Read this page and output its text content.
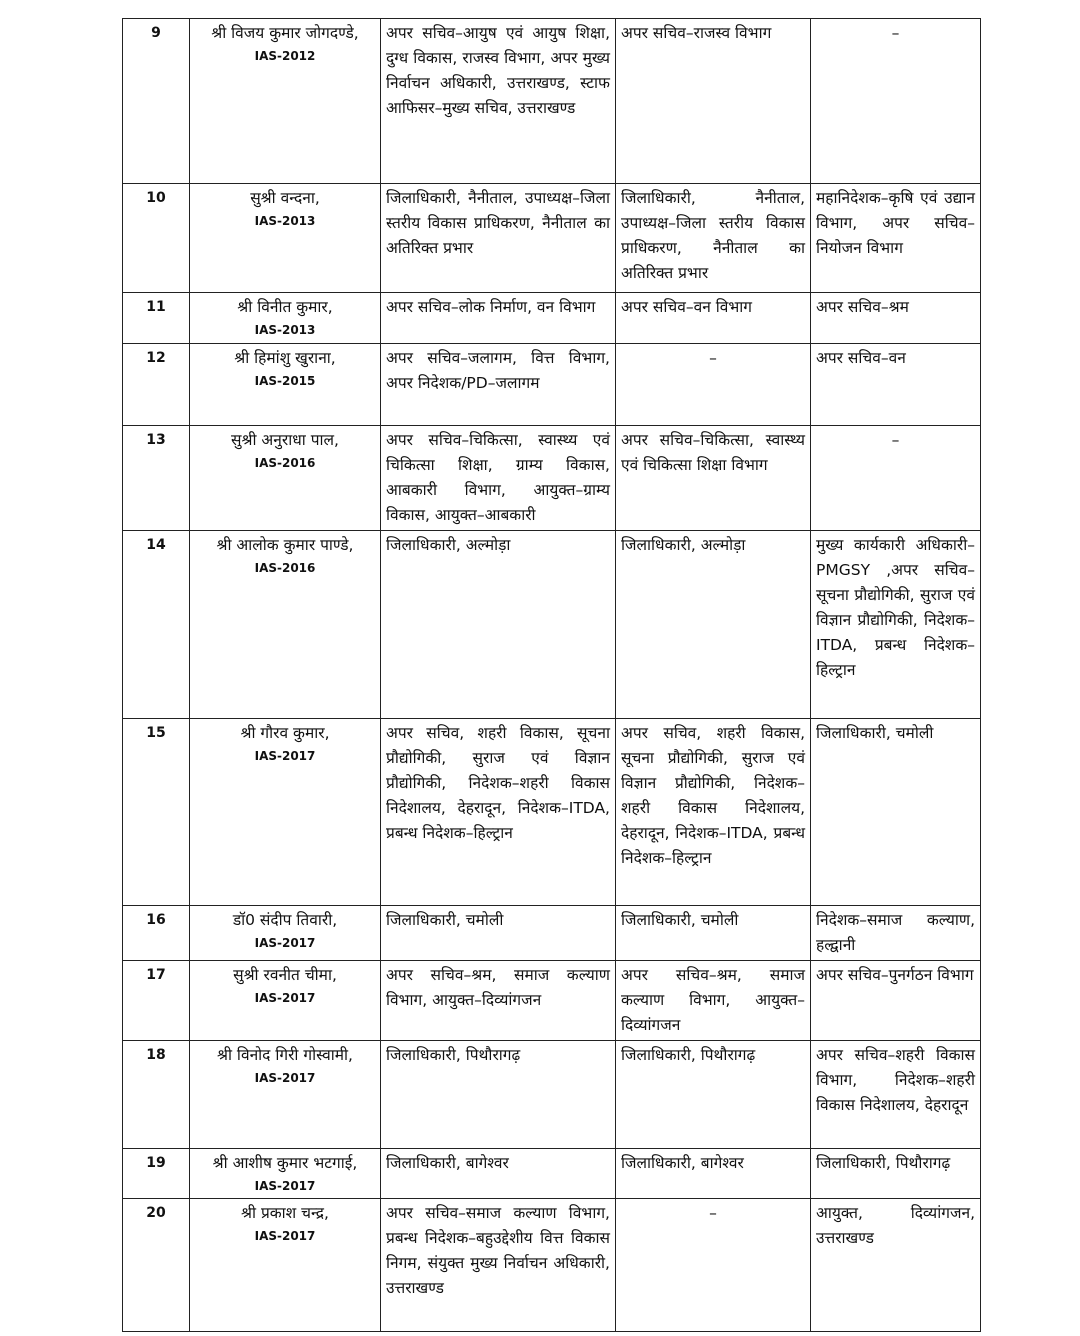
9	श्री विजय कुमार जोगदण्डे,
IAS-2012	अपर सचिव–आयुष एवं आयुष शिक्षा, दुग्ध विकास, राजस्व विभाग, अपर मुख्य निर्वाचन अधिकारी, उत्तराखण्ड, स्टाफ आफिसर–मुख्य सचिव, उत्तराखण्ड	अपर सचिव–राजस्व विभाग	–
10	सुश्री वन्दना,
IAS-2013	जिलाधिकारी, नैनीताल, उपाध्यक्ष–जिला स्तरीय विकास प्राधिकरण, नैनीताल का अतिरिक्त प्रभार	जिलाधिकारी, नैनीताल, उपाध्यक्ष–जिला स्तरीय विकास प्राधिकरण, नैनीताल का अतिरिक्त प्रभार	महानिदेशक–कृषि एवं उद्यान विभाग, अपर सचिव–नियोजन विभाग
11	श्री विनीत कुमार,
IAS-2013	अपर सचिव–लोक निर्माण, वन विभाग	अपर सचिव–वन विभाग	अपर सचिव–श्रम
12	श्री हिमांशु खुराना,
IAS-2015	अपर सचिव–जलागम, वित्त विभाग, अपर निदेशक/PD–जलागम	–	अपर सचिव–वन
13	सुश्री अनुराधा पाल,
IAS-2016	अपर सचिव–चिकित्सा, स्वास्थ्य एवं चिकित्सा शिक्षा, ग्राम्य विकास, आबकारी विभाग, आयुक्त–ग्राम्य विकास, आयुक्त–आबकारी	अपर सचिव–चिकित्सा, स्वास्थ्य एवं चिकित्सा शिक्षा विभाग	–
14	श्री आलोक कुमार पाण्डे,
IAS-2016	जिलाधिकारी, अल्मोड़ा	जिलाधिकारी, अल्मोड़ा	मुख्य कार्यकारी अधिकारी–PMGSY ,अपर सचिव–सूचना प्रौद्योगिकी, सुराज एवं विज्ञान प्रौद्योगिकी, निदेशक–ITDA, प्रबन्ध निदेशक– हिल्ट्रान
15	श्री गौरव कुमार,
IAS-2017	अपर सचिव, शहरी विकास, सूचना प्रौद्योगिकी, सुराज एवं विज्ञान प्रौद्योगिकी, निदेशक–शहरी विकास निदेशालय, देहरादून, निदेशक–ITDA, प्रबन्ध निदेशक–हिल्ट्रान	अपर सचिव, शहरी विकास, सूचना प्रौद्योगिकी, सुराज एवं विज्ञान प्रौद्योगिकी, निदेशक–शहरी विकास निदेशालय, देहरादून, निदेशक–ITDA, प्रबन्ध निदेशक–हिल्ट्रान	जिलाधिकारी, चमोली
16	डॉ0 संदीप तिवारी,
IAS-2017	जिलाधिकारी, चमोली	जिलाधिकारी, चमोली	निदेशक–समाज कल्याण, हल्द्वानी
17	सुश्री रवनीत चीमा,
IAS-2017	अपर सचिव–श्रम, समाज कल्याण विभाग, आयुक्त–दिव्यांगजन	अपर सचिव–श्रम, समाज कल्याण विभाग, आयुक्त–दिव्यांगजन	अपर सचिव–पुनर्गठन विभाग
18	श्री विनोद गिरी गोस्वामी,
IAS-2017	जिलाधिकारी, पिथौरागढ़	जिलाधिकारी, पिथौरागढ़	अपर सचिव–शहरी विकास विभाग, निदेशक–शहरी विकास निदेशालय, देहरादून
19	श्री आशीष कुमार भटगाई,
IAS-2017	जिलाधिकारी, बागेश्वर	जिलाधिकारी, बागेश्वर	जिलाधिकारी, पिथौरागढ़
20	श्री प्रकाश चन्द्र,
IAS-2017	अपर सचिव–समाज कल्याण विभाग, प्रबन्ध निदेशक–बहुउद्देशीय वित्त विकास निगम, संयुक्त मुख्य निर्वाचन अधिकारी, उत्तराखण्ड	–	आयुक्त, दिव्यांगजन, उत्तराखण्ड
